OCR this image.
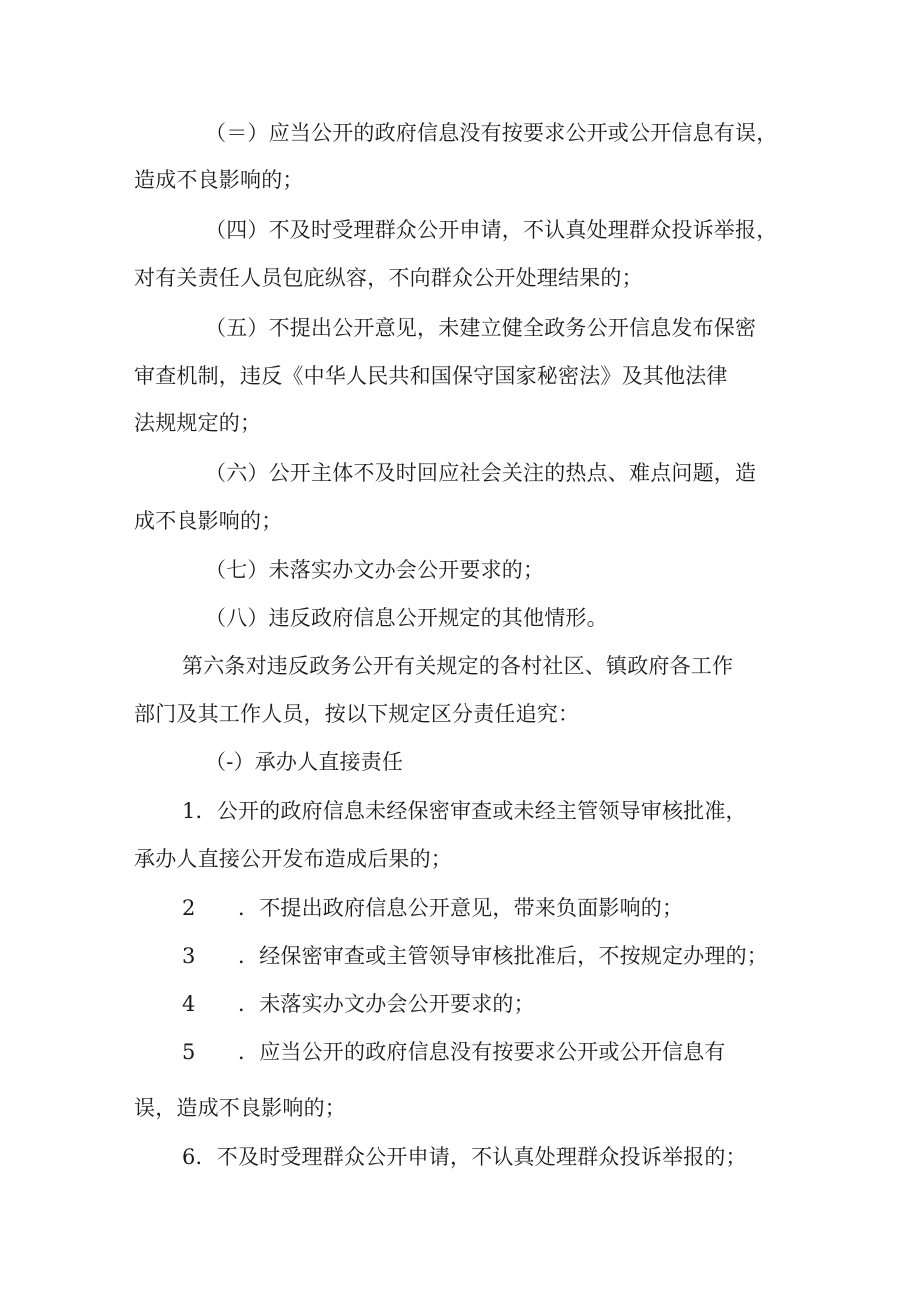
（＝）应当公开的政府信息没有按要求公开或公开信息有误，

造成不良影响的；

（四）不及时受理群众公开申请，不认真处理群众投诉举报，

对有关责任人员包庇纵容，不向群众公开处理结果的；

（五）不提出公开意见，未建立健全政务公开信息发布保密

审查机制，违反《中华人民共和国保守国家秘密法》及其他法律

法规规定的；

（六）公开主体不及时回应社会关注的热点、难点问题，造

成不良影响的；

（七）未落实办文办会公开要求的；

（八）违反政府信息公开规定的其他情形。

第六条对违反政务公开有关规定的各村社区、镇政府各工作

部门及其工作人员，按以下规定区分责任追究：

（-）承办人直接责任

1．公开的政府信息未经保密审查或未经主管领导审核批准，

承办人直接公开发布造成后果的；

2 ．不提出政府信息公开意见，带来负面影响的；

3 ．经保密审查或主管领导审核批准后，不按规定办理的；

4 ．未落实办文办会公开要求的；

5 ．应当公开的政府信息没有按要求公开或公开信息有

误，造成不良影响的；

6．不及时受理群众公开申请，不认真处理群众投诉举报的；
